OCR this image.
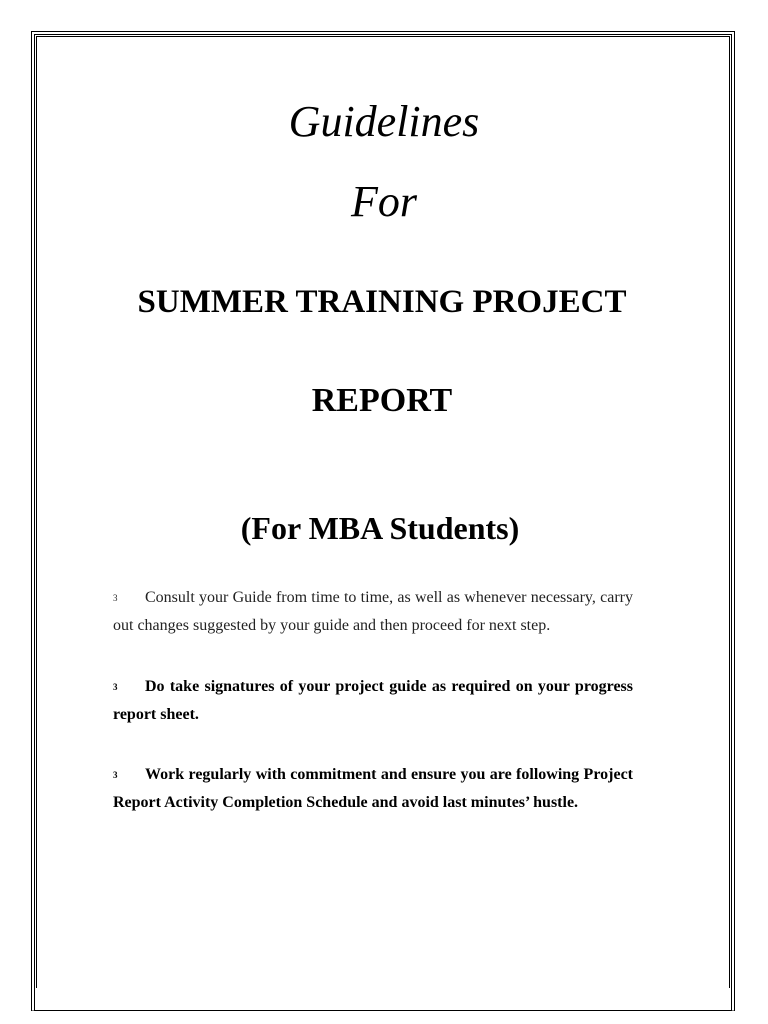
Guidelines
For
SUMMER TRAINING PROJECT
REPORT
(For MBA Students)
3 Consult your Guide from time to time, as well as whenever necessary, carry out changes suggested by your guide and then proceed for next step.
3 Do take signatures of your project guide as required on your progress report sheet.
3 Work regularly with commitment and ensure you are following Project Report Activity Completion Schedule and avoid last minutes’ hustle.
